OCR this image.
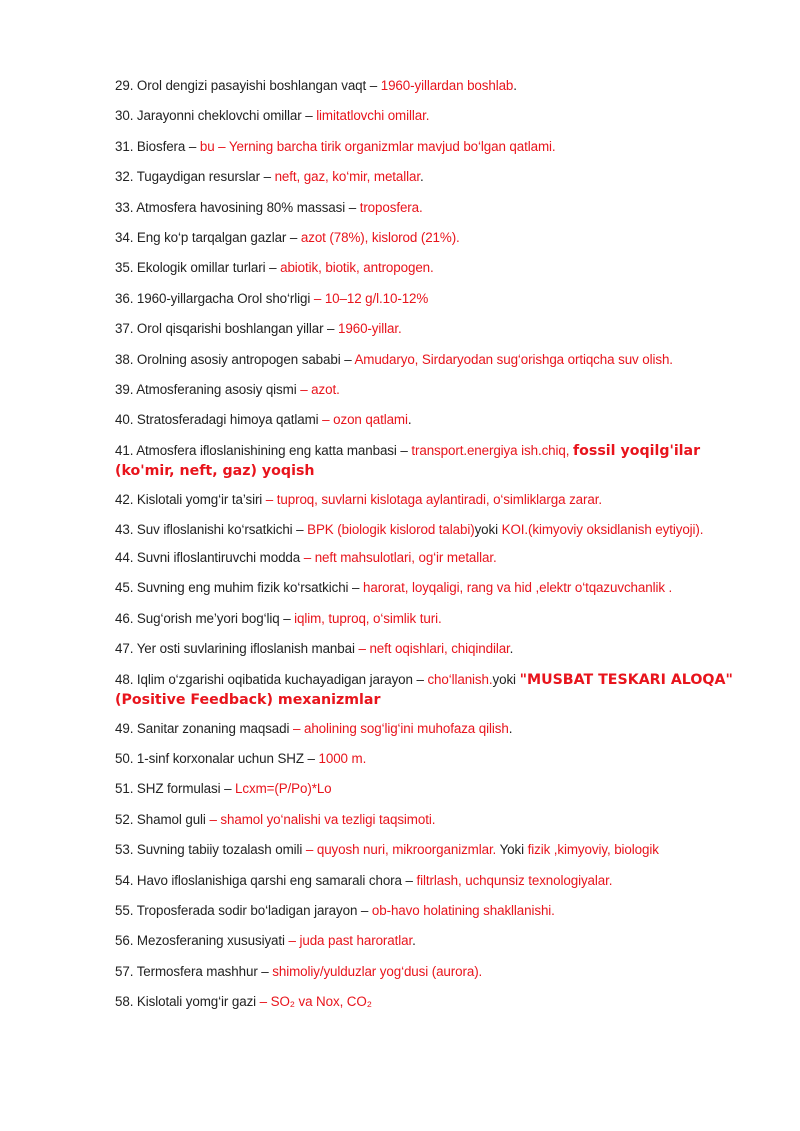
29. Orol dengizi pasayishi boshlangan vaqt – 1960-yillardan boshlab.
30. Jarayonni cheklovchi omillar – limitatlovchi omillar.
31. Biosfera – bu – Yerning barcha tirik organizmlar mavjud bo‘lgan qatlami.
32. Tugaydigan resurslar – neft, gaz, ko‘mir, metallar.
33. Atmosfera havosining 80% massasi – troposfera.
34. Eng ko‘p tarqalgan gazlar – azot (78%), kislorod (21%).
35. Ekologik omillar turlari – abiotik, biotik, antropogen.
36. 1960-yillargacha Orol sho‘rligi – 10–12 g/l.10-12%
37. Orol qisqarishi boshlangan yillar – 1960-yillar.
38. Orolning asosiy antropogen sababi – Amudaryo, Sirdaryodan sug‘orishga ortiqcha suv olish.
39. Atmosferaning asosiy qismi – azot.
40. Stratosferadagi himoya qatlami – ozon qatlami.
41. Atmosfera ifloslanishining eng katta manbasi – transport.energiya ish.chiq, fossil yoqilg'ilar (ko'mir, neft, gaz) yoqish
42. Kislotali yomg‘ir ta’siri – tuproq, suvlarni kislotaga aylantiradi, o‘simliklarga zarar.
43. Suv ifloslanishi ko‘rsatkichi – BPK (biologik kislorod talabi)yoki KOI.(kimyoviy oksidlanish eytiyoji).
44. Suvni ifloslantiruvchi modda – neft mahsulotlari, og‘ir metallar.
45. Suvning eng muhim fizik ko‘rsatkichi – harorat, loyqaligi, rang va hid ,elektr o‘tqazuvchanlik .
46. Sug‘orish me’yori bog‘liq – iqlim, tuproq, o‘simlik turi.
47. Yer osti suvlarining ifloslanish manbai – neft oqishlari, chiqindilar.
48. Iqlim o‘zgarishi oqibatida kuchayadigan jarayon – cho‘llanish.yoki "MUSBAT TESKARI ALOQA" (Positive Feedback) mexanizmlar
49. Sanitar zonaning maqsadi – aholining sog‘lig‘ini muhofaza qilish.
50. 1-sinf korxonalar uchun SHZ – 1000 m.
51. SHZ formulasi – Lcxm=(P/Po)*Lo
52. Shamol guli – shamol yo‘nalishi va tezligi taqsimoti.
53. Suvning tabiiy tozalash omili – quyosh nuri, mikroorganizmlar. Yoki fizik ,kimyoviy, biologik
54. Havo ifloslanishiga qarshi eng samarali chora – filtrlash, uchqunsiz texnologiyalar.
55. Troposferada sodir bo‘ladigan jarayon – ob-havo holatining shakllanishi.
56. Mezosferaning xususiyati – juda past haroratlar.
57. Termosfera mashhur – shimoliy/yulduzlar yog‘dusi (aurora).
58. Kislotali yomg‘ir gazi – SO₂ va Nox, CO₂
